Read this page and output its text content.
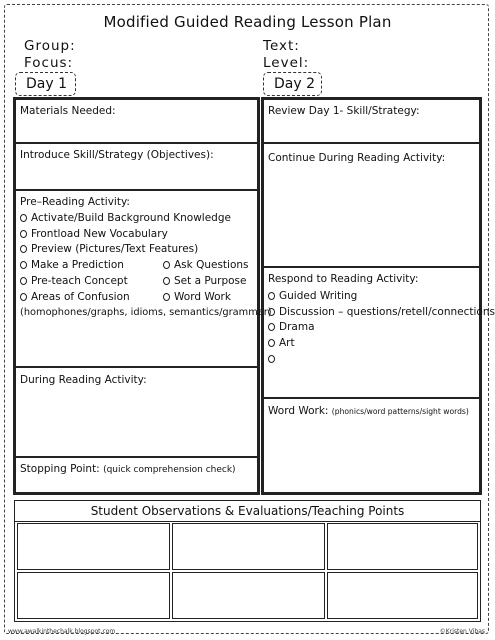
Modified Guided Reading Lesson Plan
Group:
Focus:
Text:
Level:
Day 1
Materials Needed:
Introduce Skill/Strategy (Objectives):
Pre–Reading Activity:
Activate/Build Background Knowledge
Frontload New Vocabulary
Preview (Pictures/Text Features)
Make a Prediction	Ask Questions
Pre-teach Concept	Set a Purpose
Areas of Confusion	Word Work
(homophones/graphs, idioms, semantics/grammar)
During Reading Activity:
Stopping Point: (quick comprehension check)
Day 2
Review Day 1- Skill/Strategy:
Continue During Reading Activity:
Respond to Reading Activity:
Guided Writing
Discussion – questions/retell/connections
Drama
Art
Word Work: (phonics/word patterns/sight words)
Student Observations & Evaluations/Teaching Points
www.awalkinthechalk.blogspot.com	©Kristen Vibas
